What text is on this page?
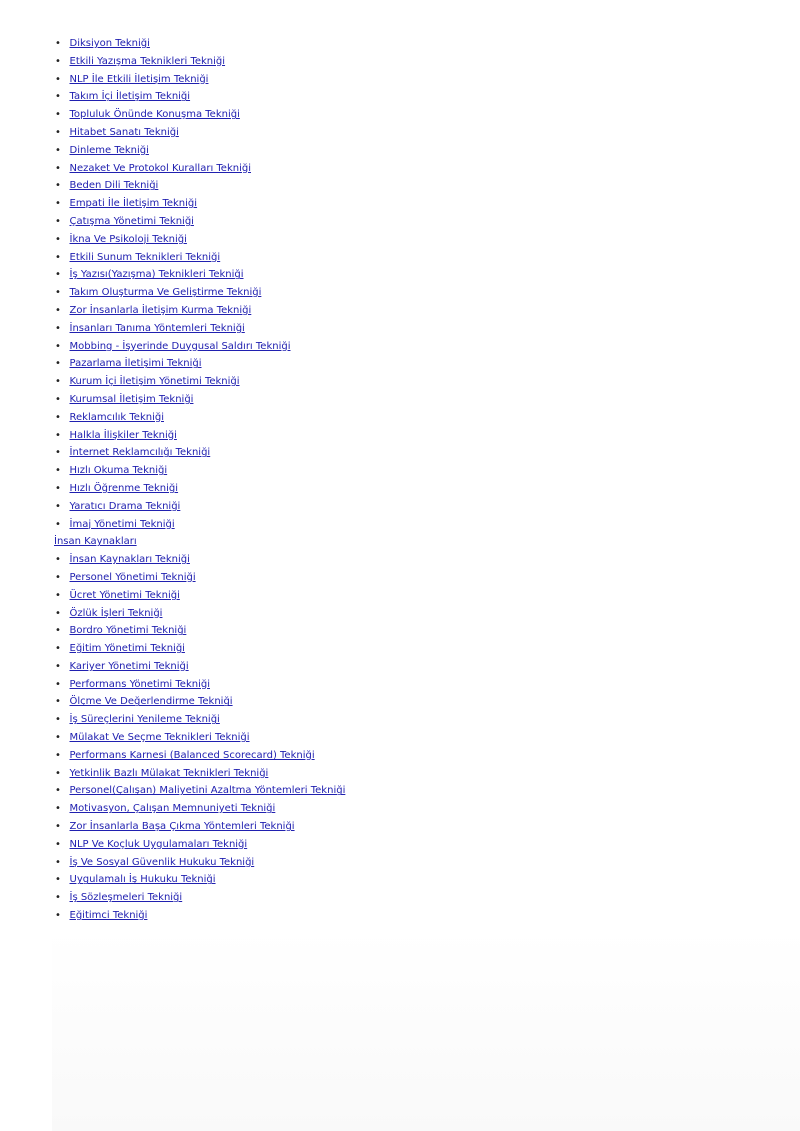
• Diksiyon Tekniği
• Etkili Yazışma Teknikleri Tekniği
• NLP İle Etkili İletişim Tekniği
• Takım İçi İletişim Tekniği
• Topluluk Önünde Konuşma Tekniği
• Hitabet Sanatı Tekniği
• Dinleme Tekniği
• Nezaket Ve Protokol Kuralları Tekniği
• Beden Dili Tekniği
• Empati İle İletişim Tekniği
• Çatışma Yönetimi Tekniği
• İkna Ve Psikoloji Tekniği
• Etkili Sunum Teknikleri Tekniği
• İş Yazısı(Yazışma) Teknikleri Tekniği
• Takım Oluşturma Ve Geliştirme Tekniği
• Zor İnsanlarla İletişim Kurma Tekniği
• İnsanları Tanıma Yöntemleri Tekniği
• Mobbing - İşyerinde Duygusal Saldırı Tekniği
• Pazarlama İletişimi Tekniği
• Kurum İçi İletişim Yönetimi Tekniği
• Kurumsal İletişim Tekniği
• Reklamcılık Tekniği
• Halkla İlişkiler Tekniği
• İnternet Reklamcılığı Tekniği
• Hızlı Okuma Tekniği
• Hızlı Öğrenme Tekniği
• Yaratıcı Drama Tekniği
• İmaj Yönetimi Tekniği
İnsan Kaynakları
• İnsan Kaynakları Tekniği
• Personel Yönetimi Tekniği
• Ücret Yönetimi Tekniği
• Özlük İşleri Tekniği
• Bordro Yönetimi Tekniği
• Eğitim Yönetimi Tekniği
• Kariyer Yönetimi Tekniği
• Performans Yönetimi Tekniği
• Ölçme Ve Değerlendirme Tekniği
• İş Süreçlerini Yenileme Tekniği
• Mülakat Ve Seçme Teknikleri Tekniği
• Performans Karnesi (Balanced Scorecard) Tekniği
• Yetkinlik Bazlı Mülakat Teknikleri Tekniği
• Personel(Çalışan) Maliyetini Azaltma Yöntemleri Tekniği
• Motivasyon, Çalışan Memnuniyeti Tekniği
• Zor İnsanlarla Başa Çıkma Yöntemleri Tekniği
• NLP Ve Koçluk Uygulamaları Tekniği
• İş Ve Sosyal Güvenlik Hukuku Tekniği
• Uygulamalı İş Hukuku Tekniği
• İş Sözleşmeleri Tekniği
• Eğitimci Tekniği
